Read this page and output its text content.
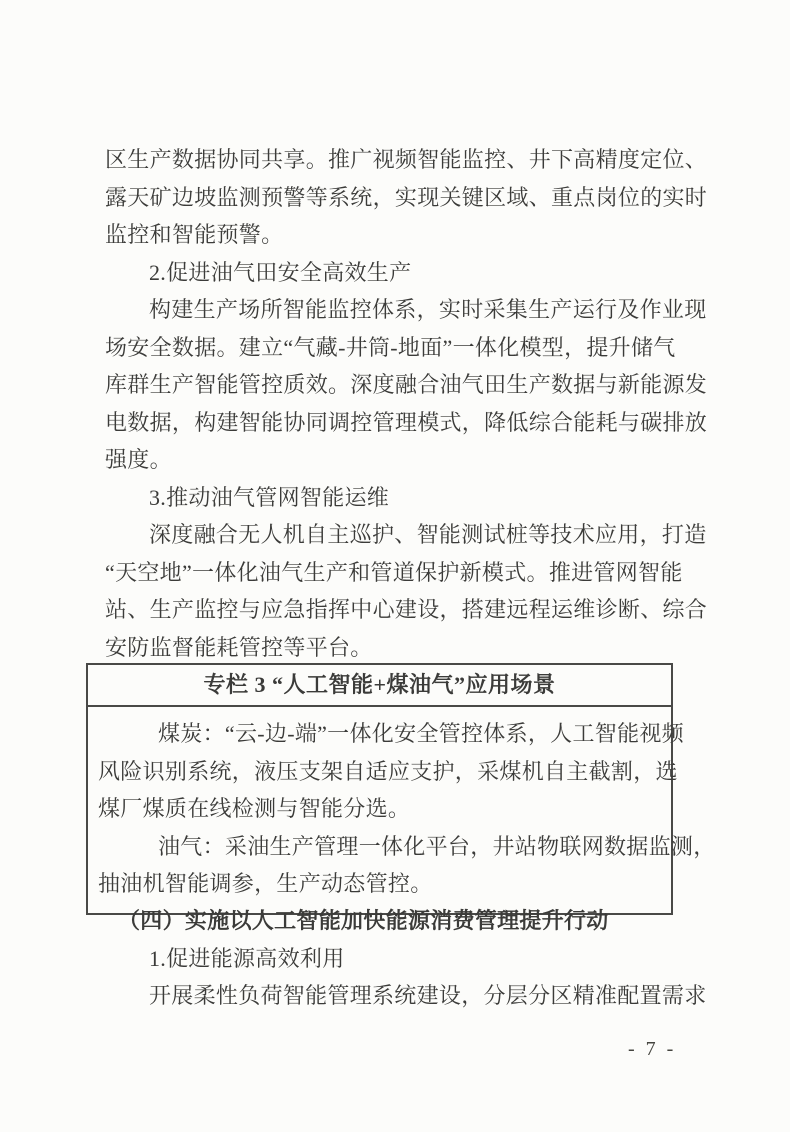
区生产数据协同共享。推广视频智能监控、井下高精度定位、
露天矿边坡监测预警等系统，实现关键区域、重点岗位的实时
监控和智能预警。
2.促进油气田安全高效生产
构建生产场所智能监控体系，实时采集生产运行及作业现
场安全数据。建立“气藏-井筒-地面”一体化模型，提升储气
库群生产智能管控质效。深度融合油气田生产数据与新能源发
电数据，构建智能协同调控管理模式，降低综合能耗与碳排放
强度。
3.推动油气管网智能运维
深度融合无人机自主巡护、智能测试桩等技术应用，打造
“天空地”一体化油气生产和管道保护新模式。推进管网智能
站、生产监控与应急指挥中心建设，搭建远程运维诊断、综合
安防监督能耗管控等平台。
专栏 3 “人工智能+煤油气”应用场景
煤炭：“云-边-端”一体化安全管控体系，人工智能视频
风险识别系统，液压支架自适应支护，采煤机自主截割，选
煤厂煤质在线检测与智能分选。
油气：采油生产管理一体化平台，井站物联网数据监测，
抽油机智能调参，生产动态管控。
（四）实施以人工智能加快能源消费管理提升行动
1.促进能源高效利用
开展柔性负荷智能管理系统建设，分层分区精准配置需求
- 7 -
